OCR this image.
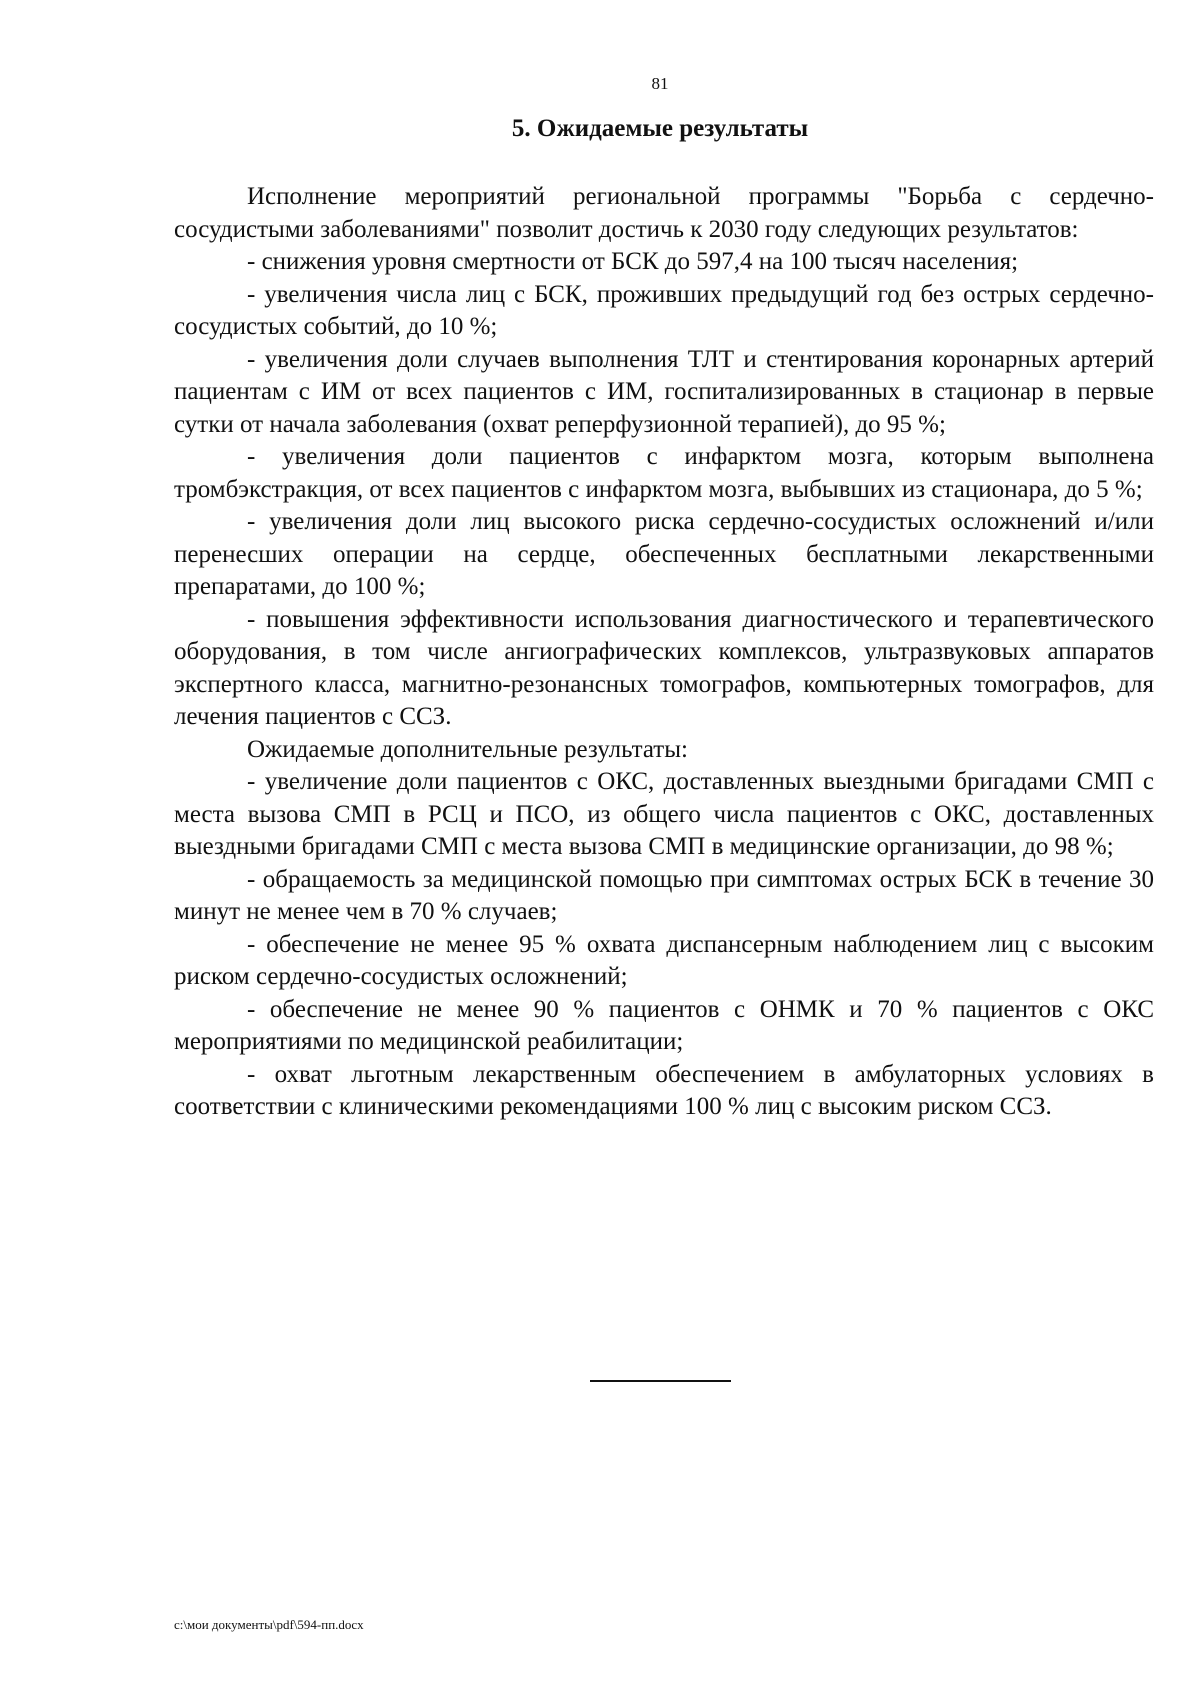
81
5. Ожидаемые результаты

Исполнение мероприятий региональной программы "Борьба с сердечно-сосудистыми заболеваниями" позволит достичь к 2030 году следующих результатов:

- снижения уровня смертности от БСК до 597,4 на 100 тысяч населения;

- увеличения числа лиц с БСК, проживших предыдущий год без острых сердечно-сосудистых событий, до 10 %;

- увеличения доли случаев выполнения ТЛТ и стентирования коронарных артерий пациентам с ИМ от всех пациентов с ИМ, госпитализированных в стационар в первые сутки от начала заболевания (охват реперфузионной терапией), до 95 %;

- увеличения доли пациентов с инфарктом мозга, которым выполнена тромбэкстракция, от всех пациентов с инфарктом мозга, выбывших из стационара, до 5 %;

- увеличения доли лиц высокого риска сердечно-сосудистых осложнений и/или перенесших операции на сердце, обеспеченных бесплатными лекарственными препаратами, до 100 %;

- повышения эффективности использования диагностического и терапевтического оборудования, в том числе ангиографических комплексов, ультразвуковых аппаратов экспертного класса, магнитно-резонансных томографов, компьютерных томографов, для лечения пациентов с ССЗ.

Ожидаемые дополнительные результаты:

- увеличение доли пациентов с ОКС, доставленных выездными бригадами СМП с места вызова СМП в РСЦ и ПСО, из общего числа пациентов с ОКС, доставленных выездными бригадами СМП с места вызова СМП в медицинские организации, до 98 %;

- обращаемость за медицинской помощью при симптомах острых БСК в течение 30 минут не менее чем в 70 % случаев;

- обеспечение не менее 95 % охвата диспансерным наблюдением лиц с высоким риском сердечно-сосудистых осложнений;

- обеспечение не менее 90 % пациентов с ОНМК и 70 % пациентов с ОКС мероприятиями по медицинской реабилитации;

- охват льготным лекарственным обеспечением в амбулаторных условиях в соответствии с клиническими рекомендациями 100 % лиц с высоким риском ССЗ.

c:\мои документы\pdf\594-пп.docx
